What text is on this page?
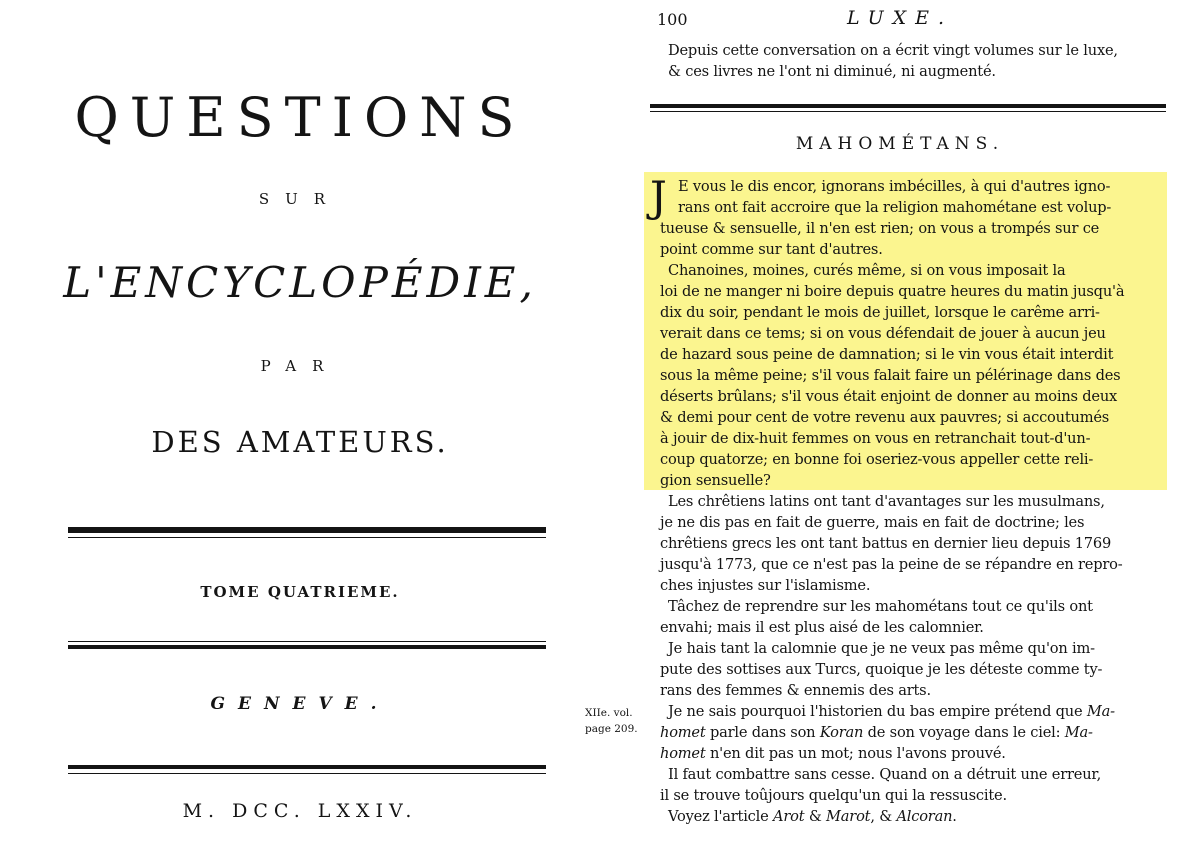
QUESTIONS
SUR
L'ENCYCLOPÉDIE,
PAR
DES AMATEURS.
TOME QUATRIEME.
GENEVE.
M. DCC. LXXIV.
100	LUXE.
Depuis cette conversation on a écrit vingt volumes sur le luxe,
& ces livres ne l'ont ni diminué, ni augmenté.
MAHOMÉTANS.
J E vous le dis encor, ignorans imbécilles, à qui d'autres igno-
rans ont fait accroire que la religion mahométane est volup-
tueuse & sensuelle, il n'en est rien; on vous a trompés sur ce
point comme sur tant d'autres.
Chanoines, moines, curés même, si on vous imposait la
loi de ne manger ni boire depuis quatre heures du matin jusqu'à
dix du soir, pendant le mois de juillet, lorsque le carême arri-
verait dans ce tems; si on vous défendait de jouer à aucun jeu
de hazard sous peine de damnation; si le vin vous était interdit
sous la même peine; s'il vous falait faire un pélérinage dans des
déserts brûlans; s'il vous était enjoint de donner au moins deux
& demi pour cent de votre revenu aux pauvres; si accoutumés
à jouir de dix-huit femmes on vous en retranchait tout-d'un-
coup quatorze; en bonne foi oseriez-vous appeller cette reli-
gion sensuelle?
Les chrêtiens latins ont tant d'avantages sur les musulmans,
je ne dis pas en fait de guerre, mais en fait de doctrine; les
chrêtiens grecs les ont tant battus en dernier lieu depuis 1769
jusqu'à 1773, que ce n'est pas la peine de se répandre en repro-
ches injustes sur l'islamisme.
Tâchez de reprendre sur les mahométans tout ce qu'ils ont
envahi; mais il est plus aisé de les calomnier.
Je hais tant la calomnie que je ne veux pas même qu'on im-
pute des sottises aux Turcs, quoique je les déteste comme ty-
rans des femmes & ennemis des arts.
XIIe. vol.
page 209.
Je ne sais pourquoi l'historien du bas empire prétend que Ma-
homet parle dans son Koran de son voyage dans le ciel: Ma-
homet n'en dit pas un mot; nous l'avons prouvé.
Il faut combattre sans cesse. Quand on a détruit une erreur,
il se trouve toûjours quelqu'un qui la ressuscite.
Voyez l'article Arot & Marot, & Alcoran.
